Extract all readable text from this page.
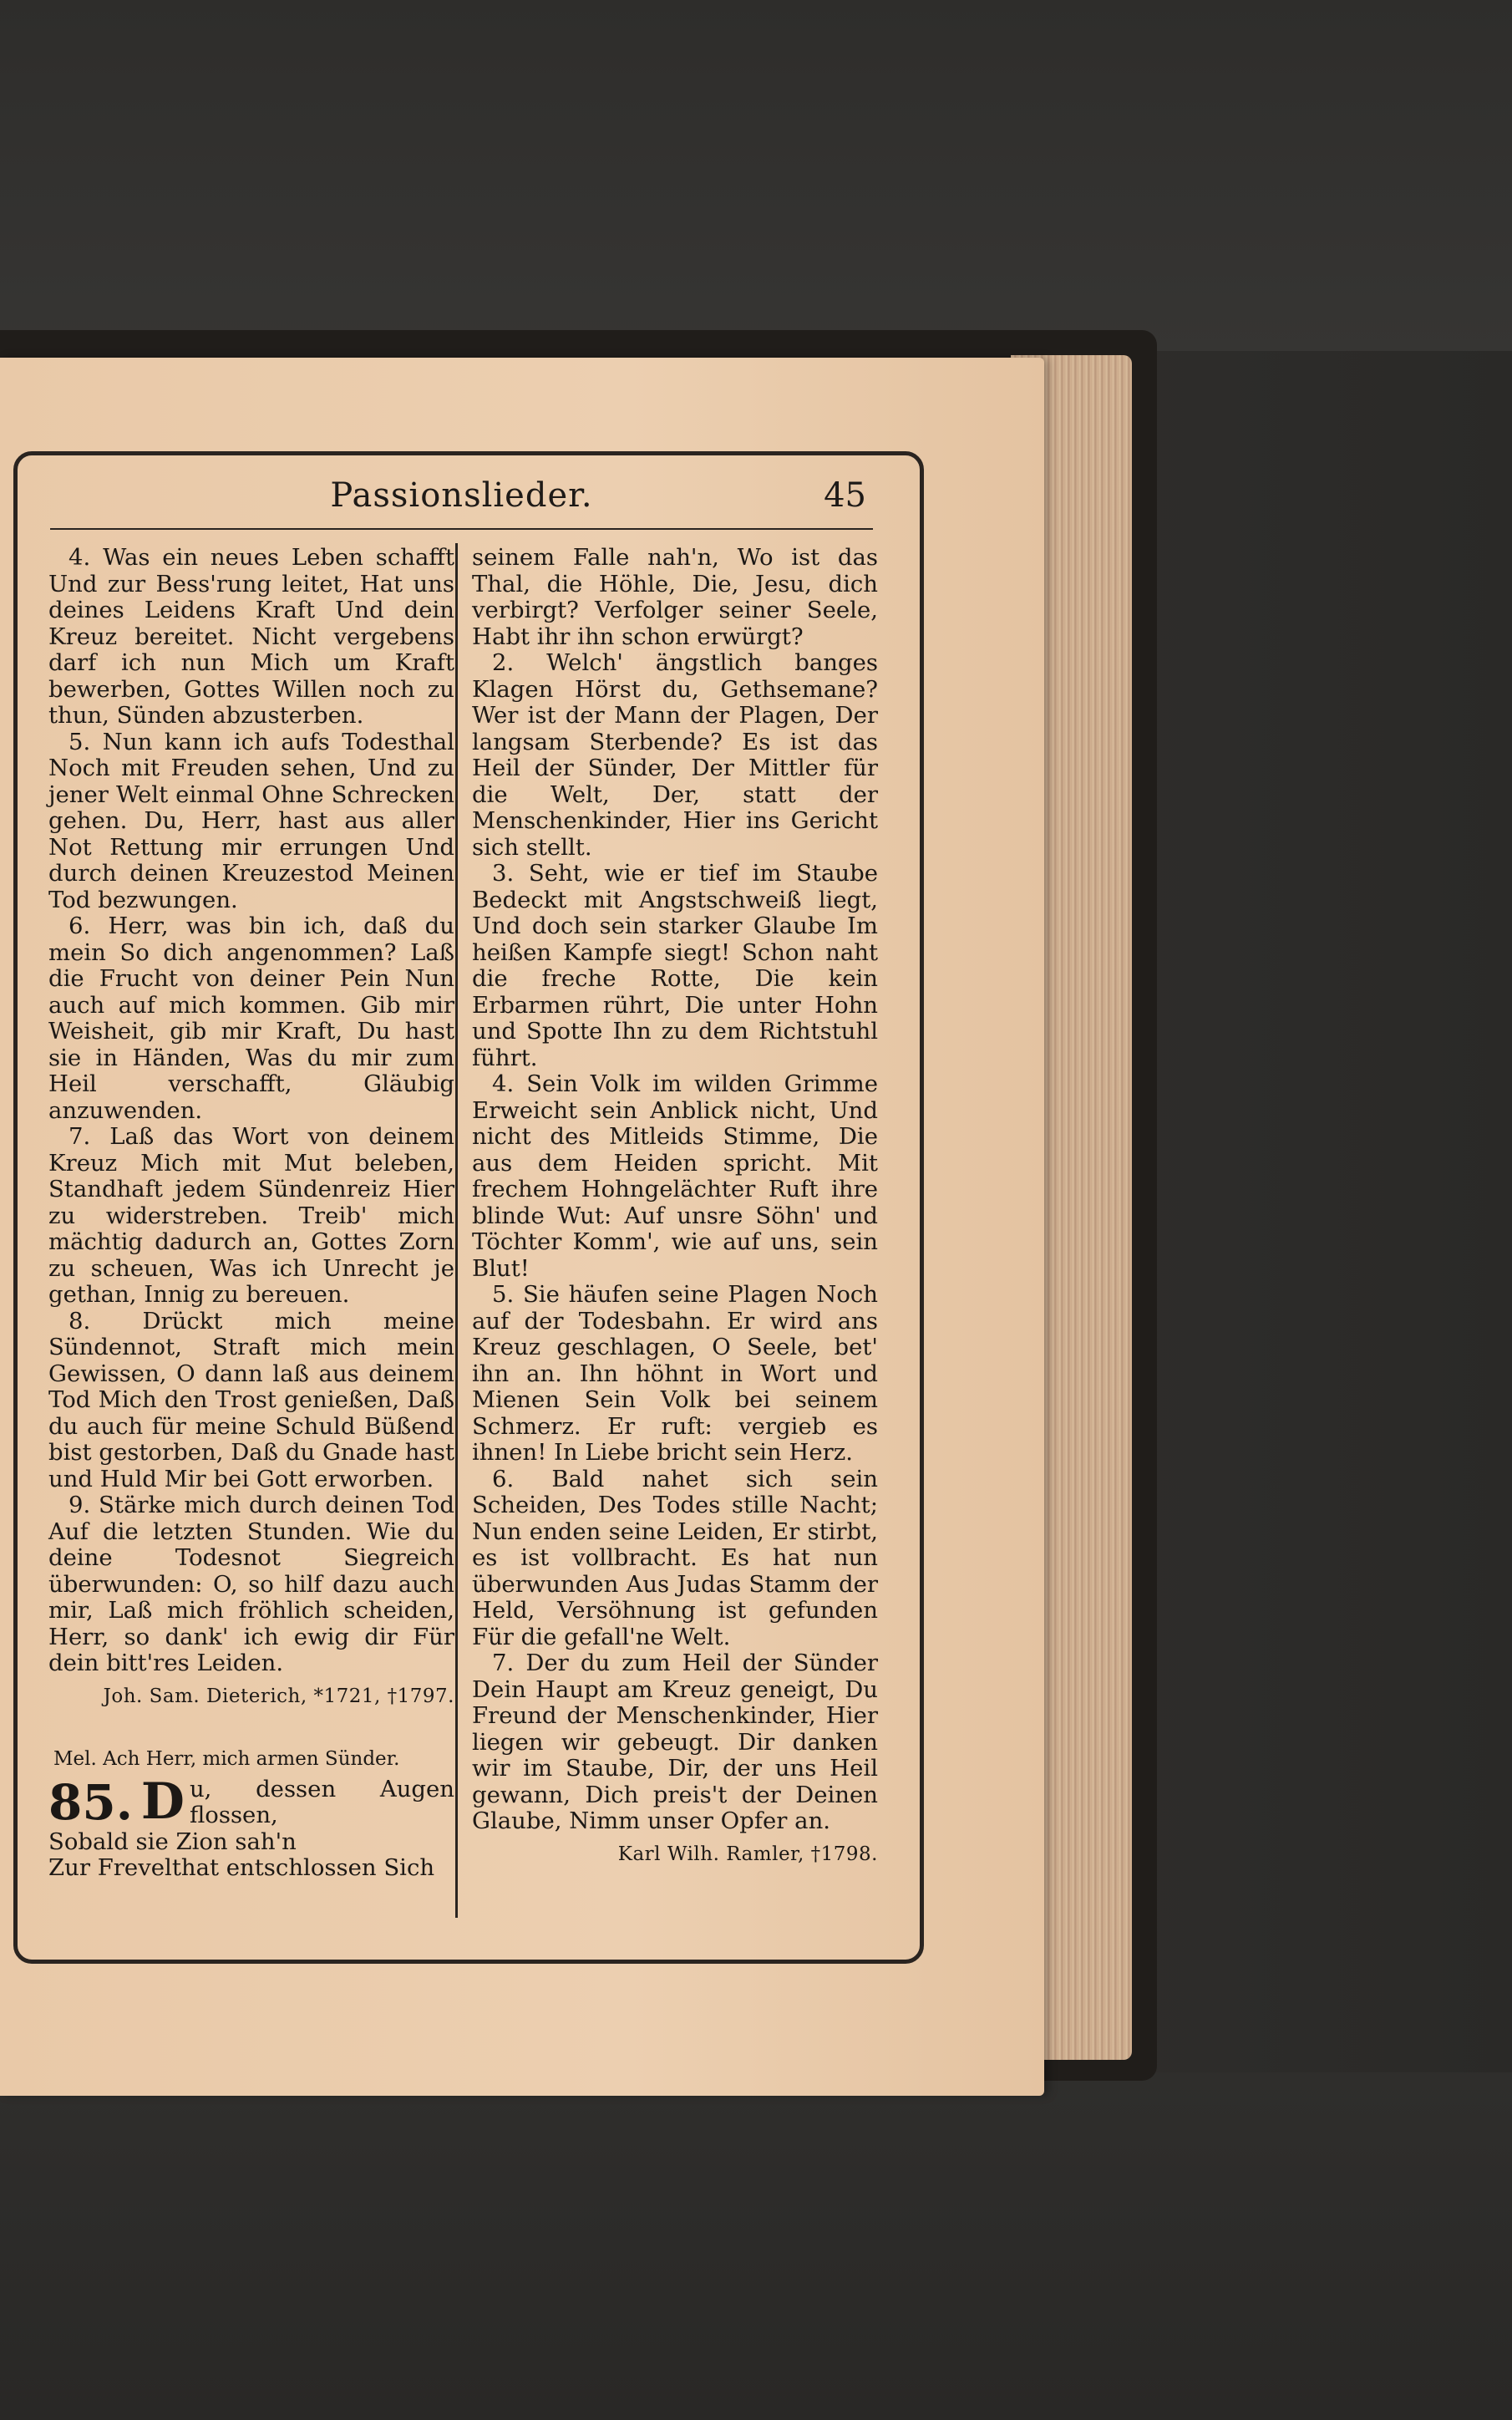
Passionslieder.	45

4. Was ein neues Leben schafft Und zur Bess'rung leitet, Hat uns deines Leidens Kraft Und dein Kreuz bereitet. Nicht vergebens darf ich nun Mich um Kraft bewerben, Gottes Willen noch zu thun, Sünden abzusterben.

5. Nun kann ich aufs Todesthal Noch mit Freuden sehen, Und zu jener Welt einmal Ohne Schrecken gehen. Du, Herr, hast aus aller Not Rettung mir errungen Und durch deinen Kreuzestod Meinen Tod bezwungen.

6. Herr, was bin ich, daß du mein So dich angenommen? Laß die Frucht von deiner Pein Nun auch auf mich kommen. Gib mir Weisheit, gib mir Kraft, Du hast sie in Händen, Was du mir zum Heil verschafft, Gläubig anzuwenden.

7. Laß das Wort von deinem Kreuz Mich mit Mut beleben, Standhaft jedem Sündenreiz Hier zu widerstreben. Treib' mich mächtig dadurch an, Gottes Zorn zu scheuen, Was ich Unrecht je gethan, Innig zu bereuen.

8. Drückt mich meine Sündennot, Straft mich mein Gewissen, O dann laß aus deinem Tod Mich den Trost genießen, Daß du auch für meine Schuld Büßend bist gestorben, Daß du Gnade hast und Huld Mir bei Gott erworben.

9. Stärke mich durch deinen Tod Auf die letzten Stunden. Wie du deine Todesnot Siegreich überwunden: O, so hilf dazu auch mir, Laß mich fröhlich scheiden, Herr, so dank' ich ewig dir Für dein bitt'res Leiden.

Joh. Sam. Dieterich, *1721, †1797.
Mel. Ach Herr, mich armen Sünder.
85. D u, dessen Augen flossen,
Sobald sie Zion sah'n
Zur Frevelthat entschlossen Sich

seinem Falle nah'n, Wo ist das Thal, die Höhle, Die, Jesu, dich verbirgt? Verfolger seiner Seele, Habt ihr ihn schon erwürgt?

2. Welch' ängstlich banges Klagen Hörst du, Gethsemane? Wer ist der Mann der Plagen, Der langsam Sterbende? Es ist das Heil der Sünder, Der Mittler für die Welt, Der, statt der Menschenkinder, Hier ins Gericht sich stellt.

3. Seht, wie er tief im Staube Bedeckt mit Angstschweiß liegt, Und doch sein starker Glaube Im heißen Kampfe siegt! Schon naht die freche Rotte, Die kein Erbarmen rührt, Die unter Hohn und Spotte Ihn zu dem Richtstuhl führt.

4. Sein Volk im wilden Grimme Erweicht sein Anblick nicht, Und nicht des Mitleids Stimme, Die aus dem Heiden spricht. Mit frechem Hohngelächter Ruft ihre blinde Wut: Auf unsre Söhn' und Töchter Komm', wie auf uns, sein Blut!

5. Sie häufen seine Plagen Noch auf der Todesbahn. Er wird ans Kreuz geschlagen, O Seele, bet' ihn an. Ihn höhnt in Wort und Mienen Sein Volk bei seinem Schmerz. Er ruft: vergieb es ihnen! In Liebe bricht sein Herz.

6. Bald nahet sich sein Scheiden, Des Todes stille Nacht; Nun enden seine Leiden, Er stirbt, es ist vollbracht. Es hat nun überwunden Aus Judas Stamm der Held, Versöhnung ist gefunden Für die gefall'ne Welt.

7. Der du zum Heil der Sünder Dein Haupt am Kreuz geneigt, Du Freund der Menschenkinder, Hier liegen wir gebeugt. Dir danken wir im Staube, Dir, der uns Heil gewann, Dich preis't der Deinen Glaube, Nimm unser Opfer an.

Karl Wilh. Ramler, †1798.
